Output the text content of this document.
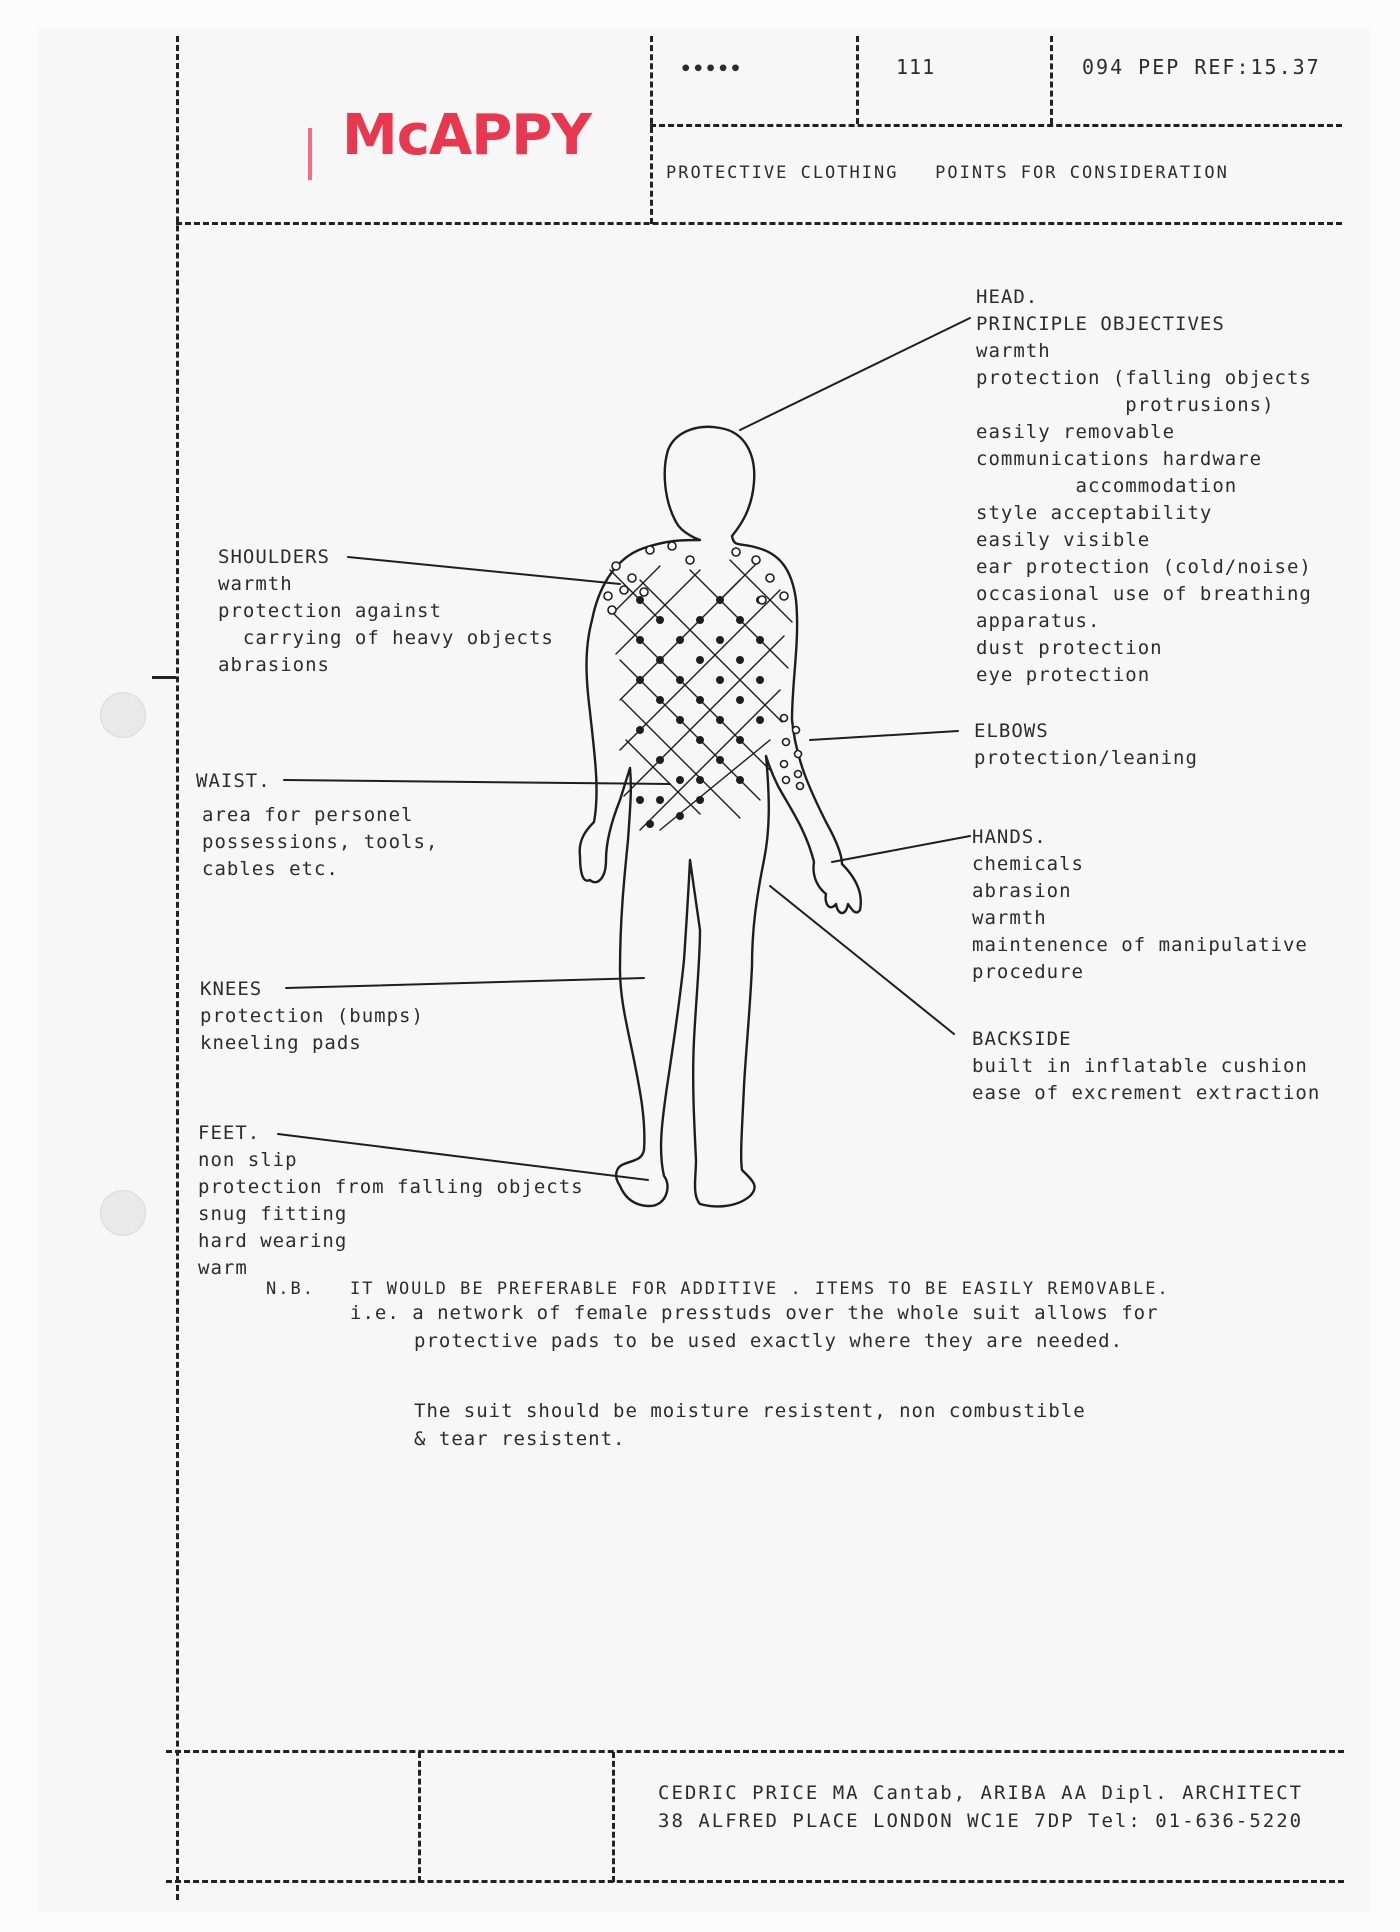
McAPPY
•••••	111	094 PEP REF:15.37
PROTECTIVE CLOTHING   POINTS FOR CONSIDERATION
HEAD.
PRINCIPLE OBJECTIVES
warmth
protection (falling objects
protrusions)
easily removable
communications hardware
accommodation
style acceptability
easily visible
ear protection (cold/noise)
occasional use of breathing
apparatus.
dust protection
eye protection
SHOULDERS
warmth
protection against
carrying of heavy objects
abrasions
ELBOWS
protection/leaning
WAIST.
area for personel
possessions, tools,
cables etc.
HANDS.
chemicals
abrasion
warmth
maintenence of manipulative
procedure
KNEES
protection (bumps)
kneeling pads	BACKSIDE
built in inflatable cushion
ease of excrement extraction
FEET.
non slip
protection from falling objects
snug fitting
hard wearing
warm
N.B. IT WOULD BE PREFERABLE FOR ADDITIVE . ITEMS TO BE EASILY REMOVABLE.
i.e. a network of female presstuds over the whole suit allows for
protective pads to be used exactly where they are needed.
The suit should be moisture resistent, non combustible
& tear resistent.
CEDRIC PRICE MA Cantab, ARIBA AA Dipl. ARCHITECT
38 ALFRED PLACE LONDON WC1E 7DP Tel: 01-636-5220
